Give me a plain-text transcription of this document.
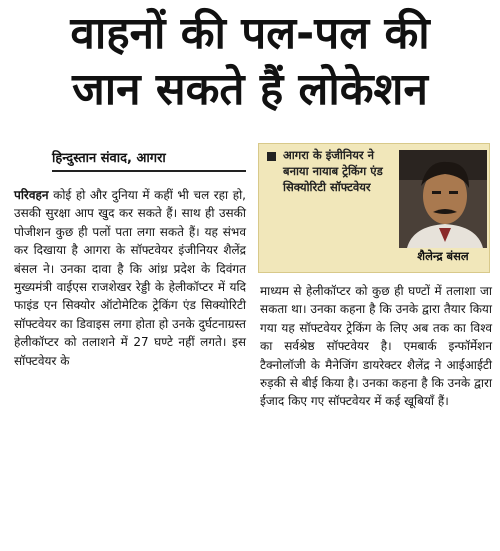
वाहनों की पल-पल की
जान सकते हैं लोकेशन
हिन्दुस्तान संवाद, आगरा

परिवहन कोई हो और दुनिया में कहीं भी चल रहा हो, उसकी सुरक्षा आप खुद कर सकते हैं। साथ ही उसकी पोजीशन कुछ ही पलों पता लगा सकते हैं। यह संभव कर दिखाया है आगरा के सॉफ्टवेयर इंजीनियर शैलेंद्र बंसल ने। उनका दावा है कि आंध्र प्रदेश के दिवंगत मुख्यमंत्री वाईएस राजशेखर रेड्डी के हेलीकॉप्टर में यदि फाइंड एन सिक्योर ऑटोमेटिक ट्रेकिंग एंड सिक्योरिटी सॉफ्टवेयर का डिवाइस लगा होता हो उनके दुर्घटनाग्रस्त हेलीकॉप्टर को तलाशने में 27 घण्टे नहीं लगते। इस सॉफ्टवेयर के

आगरा के इंजीनियर ने बनाया नायाब ट्रेकिंग एंड सिक्योरिटी सॉफ्टवेयर
शैलेन्द्र बंसल

माध्यम से हेलीकॉप्टर को कुछ ही घण्टों में तलाशा जा सकता था। उनका कहना है कि उनके द्वारा तैयार किया गया यह सॉफ्टवेयर ट्रेकिंग के लिए अब तक का विश्व का सर्वश्रेष्ठ सॉफ्टवेयर है। एमबार्क इन्फॉर्मेशन टैक्नोलॉजी के मैनेजिंग डायरेक्टर शैलेंद्र ने आईआईटी रुड़की से बीई किया है। उनका कहना है कि उनके द्वारा ईजाद किए गए सॉफ्टवेयर में कई खूबियाँ हैं।
